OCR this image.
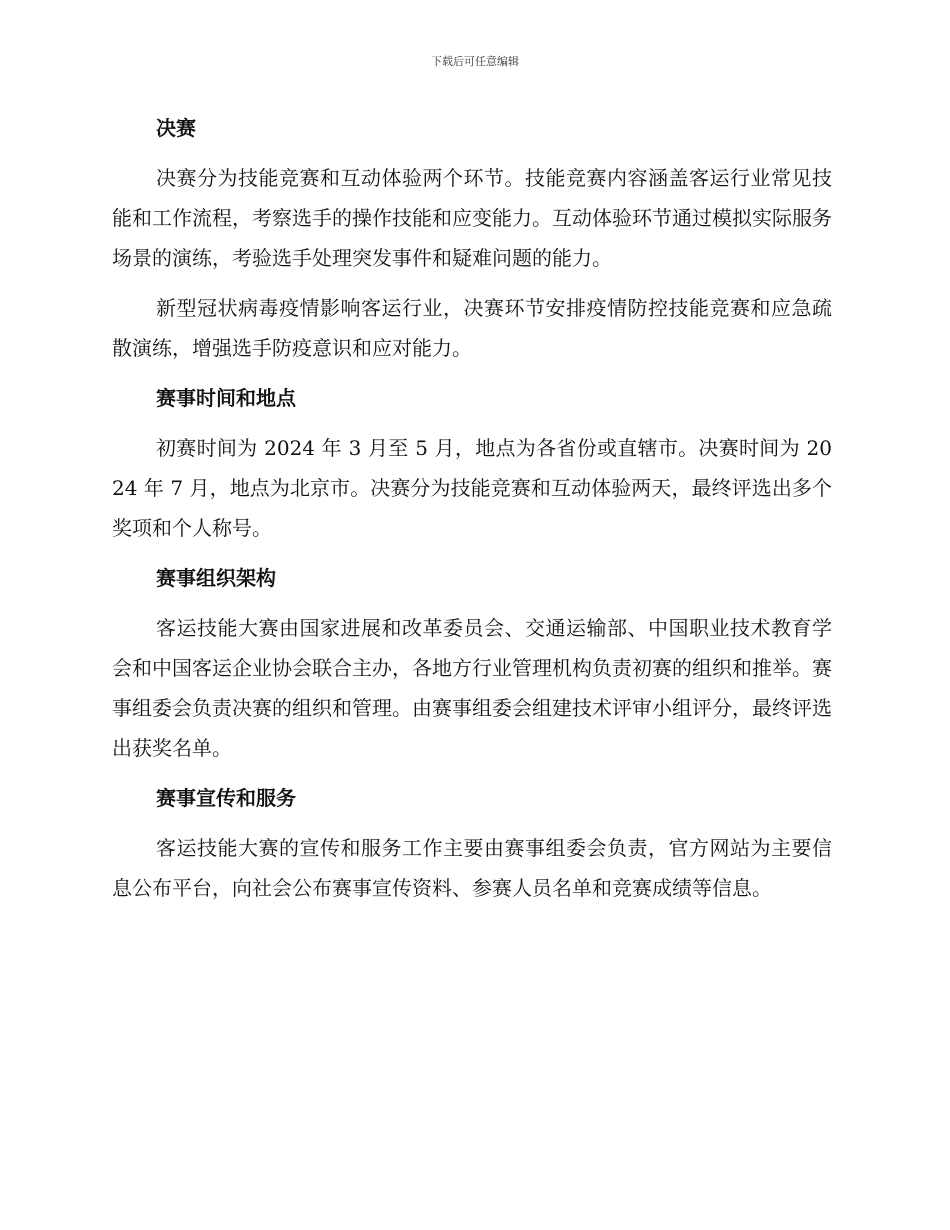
下载后可任意编辑
决赛

决赛分为技能竞赛和互动体验两个环节。技能竞赛内容涵盖客运行业常见技能和工作流程，考察选手的操作技能和应变能力。互动体验环节通过模拟实际服务场景的演练，考验选手处理突发事件和疑难问题的能力。

新型冠状病毒疫情影响客运行业，决赛环节安排疫情防控技能竞赛和应急疏散演练，增强选手防疫意识和应对能力。

赛事时间和地点

初赛时间为 2024 年 3 月至 5 月，地点为各省份或直辖市。决赛时间为 2024 年 7 月，地点为北京市。决赛分为技能竞赛和互动体验两天，最终评选出多个奖项和个人称号。

赛事组织架构

客运技能大赛由国家进展和改革委员会、交通运输部、中国职业技术教育学会和中国客运企业协会联合主办，各地方行业管理机构负责初赛的组织和推举。赛事组委会负责决赛的组织和管理。由赛事组委会组建技术评审小组评分，最终评选出获奖名单。

赛事宣传和服务

客运技能大赛的宣传和服务工作主要由赛事组委会负责，官方网站为主要信息公布平台，向社会公布赛事宣传资料、参赛人员名单和竞赛成绩等信息。
